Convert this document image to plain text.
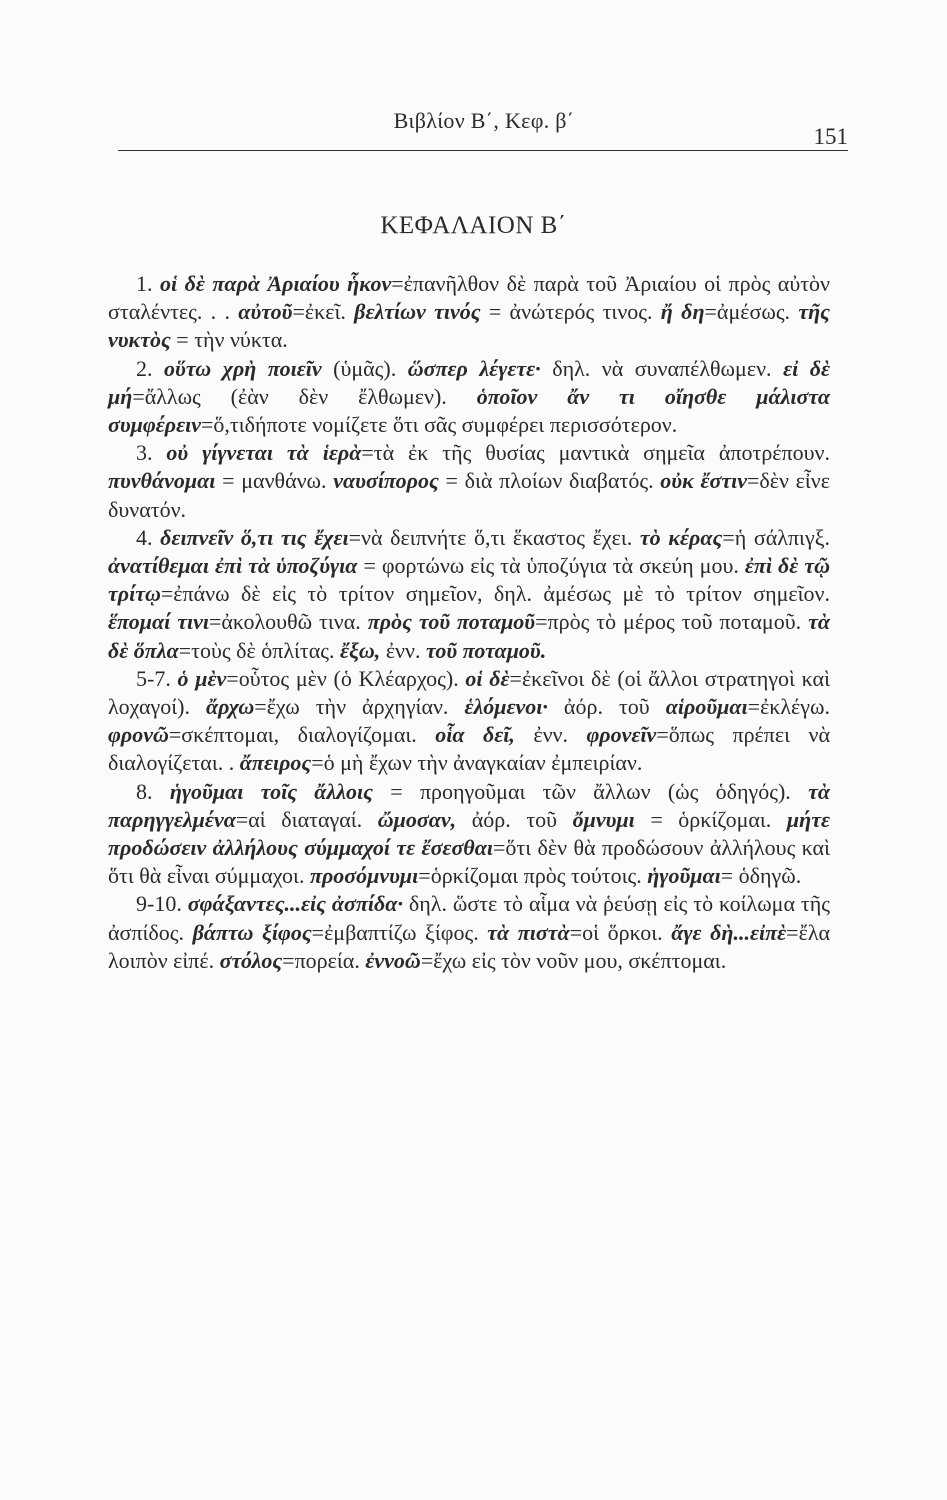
Βιβλίον Β΄, Κεφ. β΄
151
ΚΕΦΑΛΑΙΟΝ Β΄

1. οἱ δὲ παρὰ Ἀριαίου ἧκον=ἐπανῆλθον δὲ παρὰ τοῦ Ἀριαίου οἱ πρὸς αὐτὸν σταλέντες. . . αὐτοῦ=ἐκεῖ. βελτίων τινός = ἀνώτερός τινος. ἤ δη=ἀμέσως. τῆς νυκτὸς = τὴν νύκτα.

2. οὕτω χρὴ ποιεῖν (ὑμᾶς). ὥσπερ λέγετε· δηλ. νὰ συναπέλθωμεν. εἰ δὲ μή=ἄλλως (ἐὰν δὲν ἔλθωμεν). ὁποῖον ἄν τι οἴησθε μάλιστα συμφέρειν=ὅ,τιδήποτε νομίζετε ὅτι σᾶς συμφέρει περισσότερον.

3. οὐ γίγνεται τὰ ἱερὰ=τὰ ἐκ τῆς θυσίας μαντικὰ σημεῖα ἀποτρέπουν. πυνθάνομαι = μανθάνω. ναυσίπορος = διὰ πλοίων διαβατός. οὐκ ἔστιν=δὲν εἶνε δυνατόν.

4. δειπνεῖν ὅ,τι τις ἔχει=νὰ δειπνήτε ὅ,τι ἕκαστος ἔχει. τὸ κέρας=ἡ σάλπιγξ. ἀνατίθεμαι ἐπὶ τὰ ὑποζύγια = φορτώνω εἰς τὰ ὑποζύγια τὰ σκεύη μου. ἐπὶ δὲ τῷ τρίτῳ=ἐπάνω δὲ εἰς τὸ τρίτον σημεῖον, δηλ. ἀμέσως μὲ τὸ τρίτον σημεῖον. ἕπομαί τινι=ἀκολουθῶ τινα. πρὸς τοῦ ποταμοῦ=πρὸς τὸ μέρος τοῦ ποταμοῦ. τὰ δὲ ὅπλα=τοὺς δὲ ὁπλίτας. ἔξω, ἐνν. τοῦ ποταμοῦ.

5-7. ὁ μὲν=οὗτος μὲν (ὁ Κλέαρχος). οἱ δὲ=ἐκεῖνοι δὲ (οἱ ἄλλοι στρατηγοὶ καὶ λοχαγοί). ἄρχω=ἔχω τὴν ἀρχηγίαν. ἑλόμενοι· ἀόρ. τοῦ αἱροῦμαι=ἐκλέγω. φρονῶ=σκέπτομαι, διαλογίζομαι. οἷα δεῖ, ἐνν. φρονεῖν=ὅπως πρέπει νὰ διαλογίζεται. . ἄπειρος=ὁ μὴ ἔχων τὴν ἀναγκαίαν ἐμπειρίαν.

8. ἡγοῦμαι τοῖς ἄλλοις = προηγοῦμαι τῶν ἄλλων (ὡς ὁδηγός). τὰ παρηγγελμένα=αἱ διαταγαί. ὤμοσαν, ἀόρ. τοῦ ὄμνυμι = ὁρκίζομαι. μήτε προδώσειν ἀλλήλους σύμμαχοί τε ἔσεσθαι=ὅτι δὲν θὰ προδώσουν ἀλλήλους καὶ ὅτι θὰ εἶναι σύμμαχοι. προσόμνυμι=ὁρκίζομαι πρὸς τούτοις. ἡγοῦμαι= ὁδηγῶ.

9-10. σφάξαντες...εἰς ἀσπίδα· δηλ. ὥστε τὸ αἷμα νὰ ῥεύσῃ εἰς τὸ κοίλωμα τῆς ἀσπίδος. βάπτω ξίφος=ἐμβαπτίζω ξίφος. τὰ πιστὰ=οἱ ὅρκοι. ἄγε δὴ...εἰπὲ=ἔλα λοιπὸν εἰπέ. στόλος=πορεία. ἐννοῶ=ἔχω εἰς τὸν νοῦν μου, σκέπτομαι.
